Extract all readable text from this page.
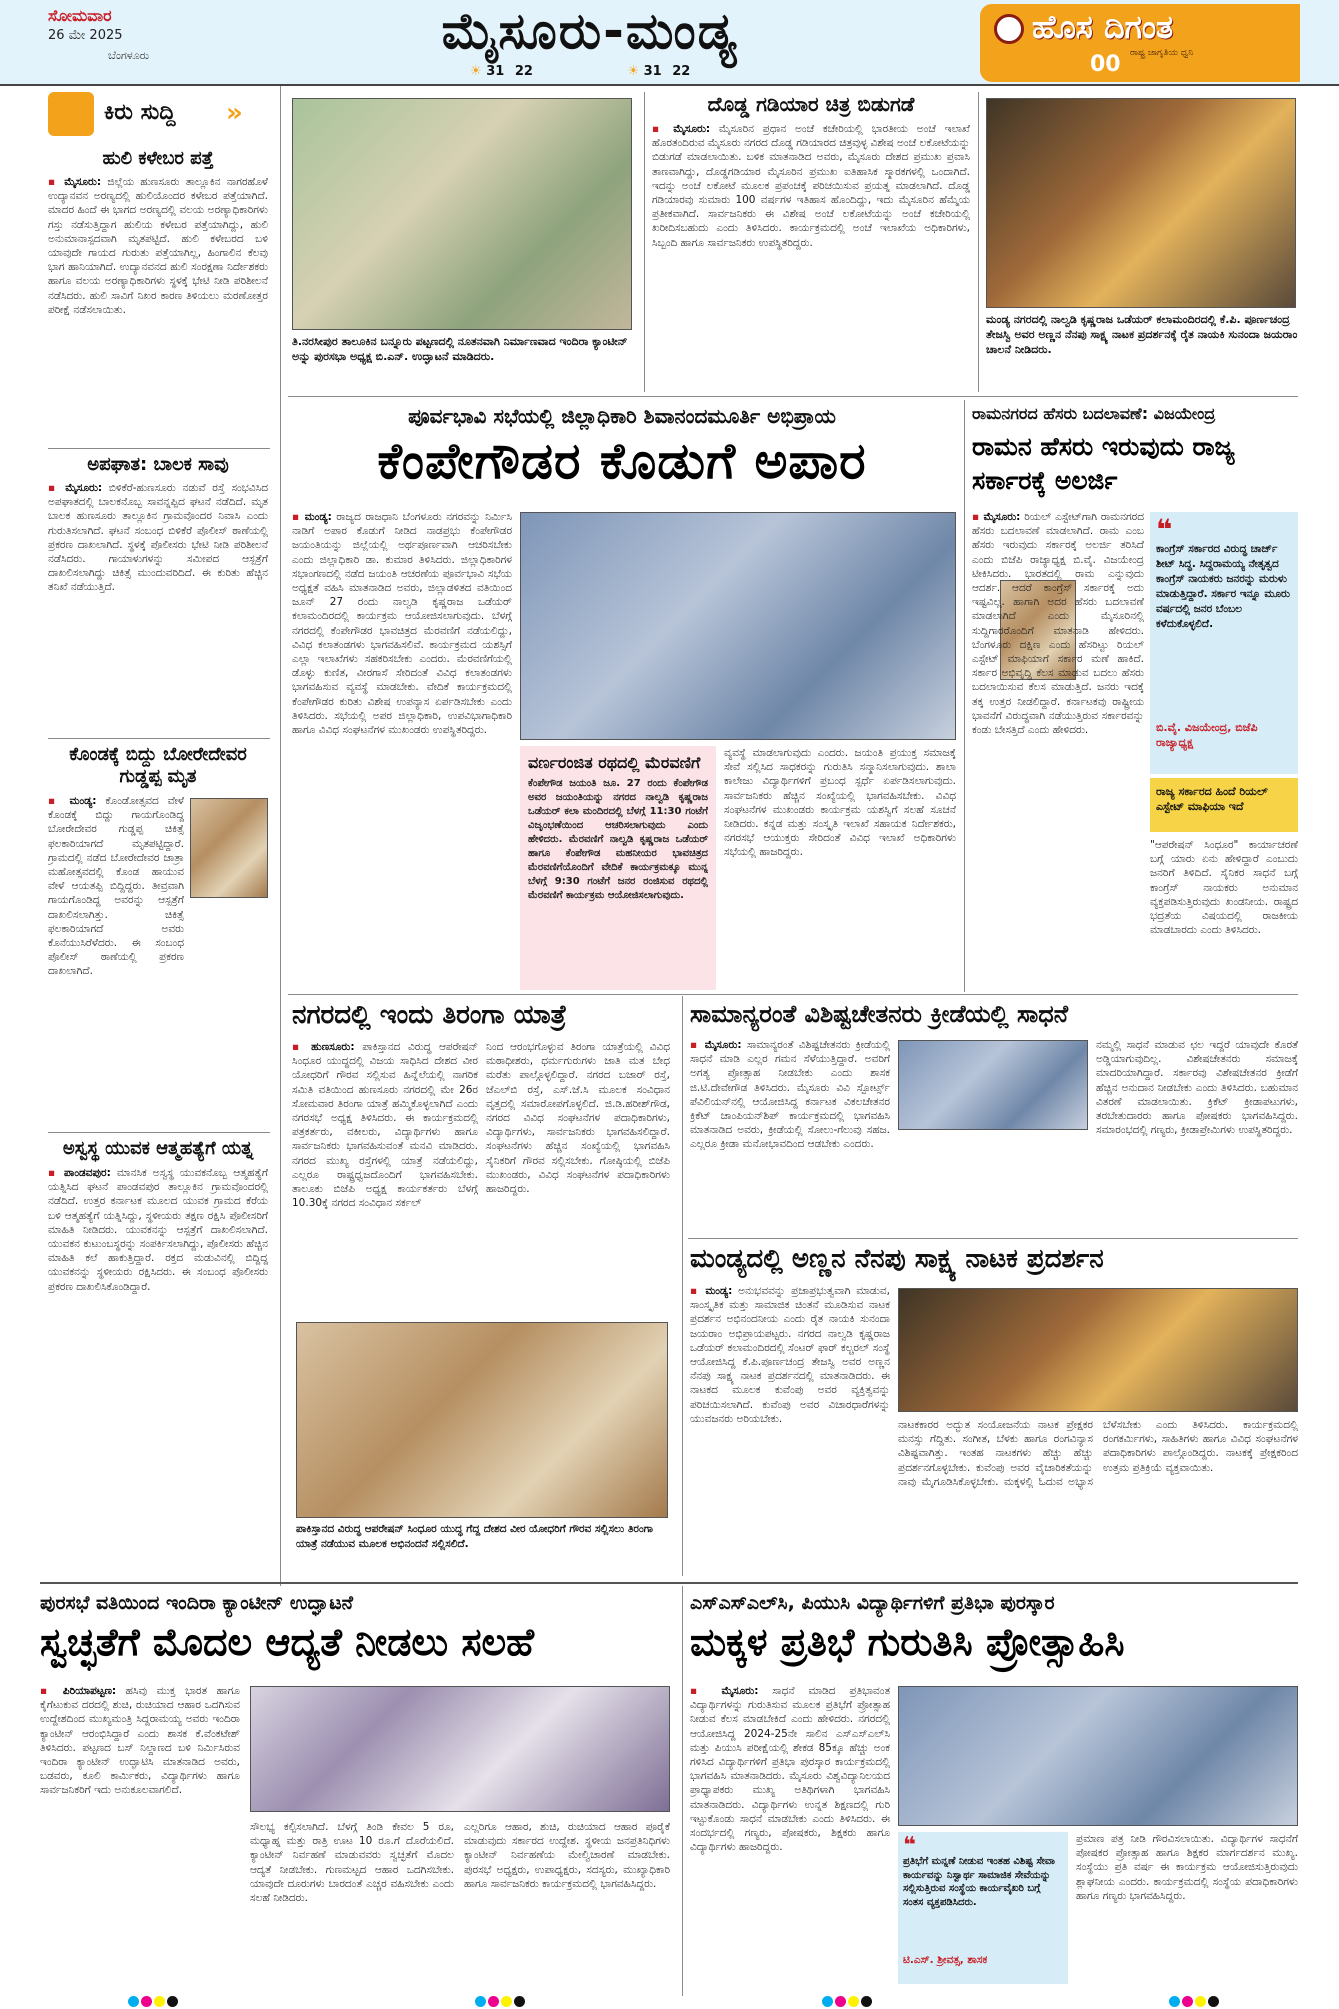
ಸೋಮವಾರ
26 ಮೇ 2025
ಬೆಂಗಳೂರು	ಮೈಸೂರು-ಮಂಡ್ಯ
☀ 31 22	☀ 31 22
ಹೊಸ ದಿಗಂತ
ರಾಷ್ಟ್ರ ಜಾಗೃತಿಯ ಧ್ವನಿ
00
ಕಿರು ಸುದ್ದಿ »
ಹುಲಿ ಕಳೇಬರ ಪತ್ತೆ
▪ ಮೈಸೂರು: ಜಿಲ್ಲೆಯ ಹುಣಸೂರು ತಾಲ್ಲೂಕಿನ ನಾಗರಹೊಳೆ ಉದ್ಯಾನವನ ಅರಣ್ಯದಲ್ಲಿ ಹುಲಿಯೊಂದರ ಕಳೇಬರ ಪತ್ತೆಯಾಗಿದೆ. ಮಾದರ ಹಿಂದೆ ಈ ಭಾಗದ ಅರಣ್ಯದಲ್ಲಿ ವಲಯ ಅರಣ್ಯಾಧಿಕಾರಿಗಳು ಗಸ್ತು ನಡೆಸುತ್ತಿದ್ದಾಗ ಹುಲಿಯ ಕಳೇಬರ ಪತ್ತೆಯಾಗಿದ್ದು, ಹುಲಿ ಅನುಮಾನಾಸ್ಪದವಾಗಿ ಮೃತಪಟ್ಟಿದೆ. ಹುಲಿ ಕಳೇಬರದ ಬಳಿ ಯಾವುದೇ ಗಾಯದ ಗುರುತು ಪತ್ತೆಯಾಗಿಲ್ಲ, ಹಿಂಗಾಲಿನ ಕೆಲವು ಭಾಗ ಹಾನಿಯಾಗಿದೆ. ಉದ್ಯಾನವನದ ಹುಲಿ ಸಂರಕ್ಷಣಾ ನಿರ್ದೇಶಕರು ಹಾಗೂ ವಲಯ ಅರಣ್ಯಾಧಿಕಾರಿಗಳು ಸ್ಥಳಕ್ಕೆ ಭೇಟಿ ನೀಡಿ ಪರಿಶೀಲನೆ ನಡೆಸಿದರು. ಹುಲಿ ಸಾವಿಗೆ ನಿಖರ ಕಾರಣ ತಿಳಿಯಲು ಮರಣೋತ್ತರ ಪರೀಕ್ಷೆ ನಡೆಸಲಾಯಿತು.
ಅಪಘಾತ: ಬಾಲಕ ಸಾವು
▪ ಮೈಸೂರು: ಬಿಳಿಕೆರೆ-ಹುಣಸೂರು ನಡುವೆ ರಸ್ತೆ ಸಂಭವಿಸಿದ ಅಪಘಾತದಲ್ಲಿ ಬಾಲಕನೊಬ್ಬ ಸಾವನ್ನಪ್ಪಿದ ಘಟನೆ ನಡೆದಿದೆ. ಮೃತ ಬಾಲಕ ಹುಣಸೂರು ತಾಲ್ಲೂಕಿನ ಗ್ರಾಮವೊಂದರ ನಿವಾಸಿ ಎಂದು ಗುರುತಿಸಲಾಗಿದೆ. ಘಟನೆ ಸಂಬಂಧ ಬಿಳಿಕೆರೆ ಪೊಲೀಸ್ ಠಾಣೆಯಲ್ಲಿ ಪ್ರಕರಣ ದಾಖಲಾಗಿದೆ. ಸ್ಥಳಕ್ಕೆ ಪೊಲೀಸರು ಭೇಟಿ ನೀಡಿ ಪರಿಶೀಲನೆ ನಡೆಸಿದರು. ಗಾಯಾಳುಗಳನ್ನು ಸಮೀಪದ ಆಸ್ಪತ್ರೆಗೆ ದಾಖಲಿಸಲಾಗಿದ್ದು ಚಿಕಿತ್ಸೆ ಮುಂದುವರಿದಿದೆ. ಈ ಕುರಿತು ಹೆಚ್ಚಿನ ತನಿಖೆ ನಡೆಯುತ್ತಿದೆ.
ಕೊಂಡಕ್ಕೆ ಬಿದ್ದು ಬೋರೇದೇವರ ಗುಡ್ಡಪ್ಪ ಮೃತ
▪ ಮಂಡ್ಯ: ಕೊಂಡೋತ್ಸವದ ವೇಳೆ ಕೊಂಡಕ್ಕೆ ಬಿದ್ದು ಗಾಯಗೊಂಡಿದ್ದ ಬೋರೇದೇವರ ಗುಡ್ಡಪ್ಪ ಚಿಕಿತ್ಸೆ ಫಲಕಾರಿಯಾಗದೆ ಮೃತಪಟ್ಟಿದ್ದಾರೆ. ಗ್ರಾಮದಲ್ಲಿ ನಡೆದ ಬೋರೇದೇವರ ಜಾತ್ರಾ ಮಹೋತ್ಸವದಲ್ಲಿ ಕೊಂಡ ಹಾಯುವ ವೇಳೆ ಆಯತಪ್ಪಿ ಬಿದ್ದಿದ್ದರು. ತೀವ್ರವಾಗಿ ಗಾಯಗೊಂಡಿದ್ದ ಅವರನ್ನು ಆಸ್ಪತ್ರೆಗೆ ದಾಖಲಿಸಲಾಗಿತ್ತು. ಚಿಕಿತ್ಸೆ ಫಲಕಾರಿಯಾಗದೆ ಅವರು ಕೊನೆಯುಸಿರೆಳೆದರು. ಈ ಸಂಬಂಧ ಪೊಲೀಸ್ ಠಾಣೆಯಲ್ಲಿ ಪ್ರಕರಣ ದಾಖಲಾಗಿದೆ.
ಅಸ್ವಸ್ಥ ಯುವಕ ಆತ್ಮಹತ್ಯೆಗೆ ಯತ್ನ
▪ ಪಾಂಡವಪುರ: ಮಾನಸಿಕ ಅಸ್ವಸ್ಥ ಯುವಕನೊಬ್ಬ ಆತ್ಮಹತ್ಯೆಗೆ ಯತ್ನಿಸಿದ ಘಟನೆ ಪಾಂಡವಪುರ ತಾಲ್ಲೂಕಿನ ಗ್ರಾಮವೊಂದರಲ್ಲಿ ನಡೆದಿದೆ. ಉತ್ತರ ಕರ್ನಾಟಕ ಮೂಲದ ಯುವಕ ಗ್ರಾಮದ ಕೆರೆಯ ಬಳಿ ಆತ್ಮಹತ್ಯೆಗೆ ಯತ್ನಿಸಿದ್ದು, ಸ್ಥಳೀಯರು ತಕ್ಷಣ ರಕ್ಷಿಸಿ ಪೊಲೀಸರಿಗೆ ಮಾಹಿತಿ ನೀಡಿದರು. ಯುವಕನನ್ನು ಆಸ್ಪತ್ರೆಗೆ ದಾಖಲಿಸಲಾಗಿದೆ. ಯುವಕನ ಕುಟುಂಬಸ್ಥರನ್ನು ಸಂಪರ್ಕಿಸಲಾಗಿದ್ದು, ಪೊಲೀಸರು ಹೆಚ್ಚಿನ ಮಾಹಿತಿ ಕಲೆ ಹಾಕುತ್ತಿದ್ದಾರೆ. ರಕ್ತದ ಮಡುವಿನಲ್ಲಿ ಬಿದ್ದಿದ್ದ ಯುವಕನನ್ನು ಸ್ಥಳೀಯರು ರಕ್ಷಿಸಿದರು. ಈ ಸಂಬಂಧ ಪೊಲೀಸರು ಪ್ರಕರಣ ದಾಖಲಿಸಿಕೊಂಡಿದ್ದಾರೆ.
ತಿ.ನರಸೀಪುರ ತಾಲೂಕಿನ ಬನ್ನೂರು ಪಟ್ಟಣದಲ್ಲಿ ನೂತನವಾಗಿ ನಿರ್ಮಾಣವಾದ ಇಂದಿರಾ ಕ್ಯಾಂಟೀನ್ ಅನ್ನು ಪುರಸಭಾ ಅಧ್ಯಕ್ಷ ಬಿ.ಎನ್. ಉದ್ಘಾಟನೆ ಮಾಡಿದರು.
ದೊಡ್ಡ ಗಡಿಯಾರ ಚಿತ್ರ ಬಿಡುಗಡೆ
▪ ಮೈಸೂರು: ಮೈಸೂರಿನ ಪ್ರಧಾನ ಅಂಚೆ ಕಚೇರಿಯಲ್ಲಿ ಭಾರತೀಯ ಅಂಚೆ ಇಲಾಖೆ ಹೊರತಂದಿರುವ ಮೈಸೂರು ನಗರದ ದೊಡ್ಡ ಗಡಿಯಾರದ ಚಿತ್ರವುಳ್ಳ ವಿಶೇಷ ಅಂಚೆ ಲಕೋಟೆಯನ್ನು ಬಿಡುಗಡೆ ಮಾಡಲಾಯಿತು. ಬಳಿಕ ಮಾತನಾಡಿದ ಅವರು, ಮೈಸೂರು ದೇಶದ ಪ್ರಮುಖ ಪ್ರವಾಸಿ ತಾಣವಾಗಿದ್ದು, ದೊಡ್ಡಗಡಿಯಾರ ಮೈಸೂರಿನ ಪ್ರಮುಖ ಐತಿಹಾಸಿಕ ಸ್ಮಾರಕಗಳಲ್ಲಿ ಒಂದಾಗಿದೆ. ಇದನ್ನು ಅಂಚೆ ಲಕೋಟೆ ಮೂಲಕ ಪ್ರಪಂಚಕ್ಕೆ ಪರಿಚಯಿಸುವ ಪ್ರಯತ್ನ ಮಾಡಲಾಗಿದೆ. ದೊಡ್ಡ ಗಡಿಯಾರವು ಸುಮಾರು 100 ವರ್ಷಗಳ ಇತಿಹಾಸ ಹೊಂದಿದ್ದು, ಇದು ಮೈಸೂರಿನ ಹೆಮ್ಮೆಯ ಪ್ರತೀಕವಾಗಿದೆ. ಸಾರ್ವಜನಿಕರು ಈ ವಿಶೇಷ ಅಂಚೆ ಲಕೋಟೆಯನ್ನು ಅಂಚೆ ಕಚೇರಿಯಲ್ಲಿ ಖರೀದಿಸಬಹುದು ಎಂದು ತಿಳಿಸಿದರು. ಕಾರ್ಯಕ್ರಮದಲ್ಲಿ ಅಂಚೆ ಇಲಾಖೆಯ ಅಧಿಕಾರಿಗಳು, ಸಿಬ್ಬಂದಿ ಹಾಗೂ ಸಾರ್ವಜನಿಕರು ಉಪಸ್ಥಿತರಿದ್ದರು.
ಮಂಡ್ಯ ನಗರದಲ್ಲಿ ನಾಲ್ವಡಿ ಕೃಷ್ಣರಾಜ ಒಡೆಯರ್ ಕಲಾಮಂದಿರದಲ್ಲಿ ಕೆ.ಪಿ. ಪೂರ್ಣಚಂದ್ರ ತೇಜಸ್ವಿ ಅವರ ಅಣ್ಣನ ನೆನಪು ಸಾಕ್ಷ್ಯ ನಾಟಕ ಪ್ರದರ್ಶನಕ್ಕೆ ರೈತ ನಾಯಕಿ ಸುನಂದಾ ಜಯರಾಂ ಚಾಲನೆ ನೀಡಿದರು.
ಪೂರ್ವಭಾವಿ ಸಭೆಯಲ್ಲಿ ಜಿಲ್ಲಾಧಿಕಾರಿ ಶಿವಾನಂದಮೂರ್ತಿ ಅಭಿಪ್ರಾಯ
ಕೆಂಪೇಗೌಡರ ಕೊಡುಗೆ ಅಪಾರ
▪ ಮಂಡ್ಯ: ರಾಜ್ಯದ ರಾಜಧಾನಿ ಬೆಂಗಳೂರು ನಗರವನ್ನು ನಿರ್ಮಿಸಿ ನಾಡಿಗೆ ಅಪಾರ ಕೊಡುಗೆ ನೀಡಿದ ನಾಡಪ್ರಭು ಕೆಂಪೇಗೌಡರ ಜಯಂತಿಯನ್ನು ಜಿಲ್ಲೆಯಲ್ಲಿ ಅರ್ಥಪೂರ್ಣವಾಗಿ ಆಚರಿಸಬೇಕು ಎಂದು ಜಿಲ್ಲಾಧಿಕಾರಿ ಡಾ. ಕುಮಾರ ತಿಳಿಸಿದರು. ಜಿಲ್ಲಾಧಿಕಾರಿಗಳ ಸಭಾಂಗಣದಲ್ಲಿ ನಡೆದ ಜಯಂತಿ ಆಚರಣೆಯ ಪೂರ್ವಭಾವಿ ಸಭೆಯ ಅಧ್ಯಕ್ಷತೆ ವಹಿಸಿ ಮಾತನಾಡಿದ ಅವರು, ಜಿಲ್ಲಾಡಳಿತದ ವತಿಯಿಂದ ಜೂನ್ 27 ರಂದು ನಾಲ್ವಡಿ ಕೃಷ್ಣರಾಜ ಒಡೆಯರ್ ಕಲಾಮಂದಿರದಲ್ಲಿ ಕಾರ್ಯಕ್ರಮ ಆಯೋಜಿಸಲಾಗುವುದು. ಬೆಳಗ್ಗೆ ನಗರದಲ್ಲಿ ಕೆಂಪೇಗೌಡರ ಭಾವಚಿತ್ರದ ಮೆರವಣಿಗೆ ನಡೆಯಲಿದ್ದು, ವಿವಿಧ ಕಲಾತಂಡಗಳು ಭಾಗವಹಿಸಲಿವೆ. ಕಾರ್ಯಕ್ರಮದ ಯಶಸ್ಸಿಗೆ ಎಲ್ಲಾ ಇಲಾಖೆಗಳು ಸಹಕರಿಸಬೇಕು ಎಂದರು. ಮೆರವಣಿಗೆಯಲ್ಲಿ ಡೊಳ್ಳು ಕುಣಿತ, ವೀರಗಾಸೆ ಸೇರಿದಂತೆ ವಿವಿಧ ಕಲಾತಂಡಗಳು ಭಾಗವಹಿಸುವ ವ್ಯವಸ್ಥೆ ಮಾಡಬೇಕು. ವೇದಿಕೆ ಕಾರ್ಯಕ್ರಮದಲ್ಲಿ ಕೆಂಪೇಗೌಡರ ಕುರಿತು ವಿಶೇಷ ಉಪನ್ಯಾಸ ಏರ್ಪಡಿಸಬೇಕು ಎಂದು ತಿಳಿಸಿದರು. ಸಭೆಯಲ್ಲಿ ಅಪರ ಜಿಲ್ಲಾಧಿಕಾರಿ, ಉಪವಿಭಾಗಾಧಿಕಾರಿ ಹಾಗೂ ವಿವಿಧ ಸಂಘಟನೆಗಳ ಮುಖಂಡರು ಉಪಸ್ಥಿತರಿದ್ದರು.
ವರ್ಣರಂಜಿತ ರಥದಲ್ಲಿ ಮೆರವಣಿಗೆ
ಕೆಂಪೇಗೌಡ ಜಯಂತಿ ಜೂ. 27 ರಂದು ಕೆಂಪೇಗೌಡ ಅವರ ಜಯಂತಿಯನ್ನು ನಗರದ ನಾಲ್ವಡಿ ಕೃಷ್ಣರಾಜ ಒಡೆಯರ್ ಕಲಾ ಮಂದಿರದಲ್ಲಿ ಬೆಳಗ್ಗೆ 11:30 ಗಂಟೆಗೆ ವಿಜೃಂಭಣೆಯಿಂದ ಆಚರಿಸಲಾಗುವುದು ಎಂದು ಹೇಳಿದರು. ಮೆರವಣಿಗೆ ನಾಲ್ವಡಿ ಕೃಷ್ಣರಾಜ ಒಡೆಯರ್ ಹಾಗೂ ಕೆಂಪೇಗೌಡ ಮಹನೀಯರ ಭಾವಚಿತ್ರದ ಮೆರವಣಿಗೆಯೊಂದಿಗೆ ವೇದಿಕೆ ಕಾರ್ಯಕ್ರಮಕ್ಕೂ ಮುನ್ನ ಬೆಳಗ್ಗೆ 9:30 ಗಂಟೆಗೆ ಜನರ ರಂಜಿಸುವ ರಥದಲ್ಲಿ ಮೆರವಣಿಗೆ ಕಾರ್ಯಕ್ರಮ ಆಯೋಜಿಸಲಾಗುವುದು.
ವ್ಯವಸ್ಥೆ ಮಾಡಲಾಗುವುದು ಎಂದರು. ಜಯಂತಿ ಪ್ರಯುಕ್ತ ಸಮಾಜಕ್ಕೆ ಸೇವೆ ಸಲ್ಲಿಸಿದ ಸಾಧಕರನ್ನು ಗುರುತಿಸಿ ಸನ್ಮಾನಿಸಲಾಗುವುದು. ಶಾಲಾ ಕಾಲೇಜು ವಿದ್ಯಾರ್ಥಿಗಳಿಗೆ ಪ್ರಬಂಧ ಸ್ಪರ್ಧೆ ಏರ್ಪಡಿಸಲಾಗುವುದು. ಸಾರ್ವಜನಿಕರು ಹೆಚ್ಚಿನ ಸಂಖ್ಯೆಯಲ್ಲಿ ಭಾಗವಹಿಸಬೇಕು. ವಿವಿಧ ಸಂಘಟನೆಗಳ ಮುಖಂಡರು ಕಾರ್ಯಕ್ರಮ ಯಶಸ್ವಿಗೆ ಸಲಹೆ ಸೂಚನೆ ನೀಡಿದರು. ಕನ್ನಡ ಮತ್ತು ಸಂಸ್ಕೃತಿ ಇಲಾಖೆ ಸಹಾಯಕ ನಿರ್ದೇಶಕರು, ನಗರಸಭೆ ಆಯುಕ್ತರು ಸೇರಿದಂತೆ ವಿವಿಧ ಇಲಾಖೆ ಅಧಿಕಾರಿಗಳು ಸಭೆಯಲ್ಲಿ ಹಾಜರಿದ್ದರು.
ರಾಮನಗರದ ಹೆಸರು ಬದಲಾವಣೆ: ವಿಜಯೇಂದ್ರ
ರಾಮನ ಹೆಸರು ಇರುವುದು ರಾಜ್ಯ ಸರ್ಕಾರಕ್ಕೆ ಅಲರ್ಜಿ
▪ ಮೈಸೂರು: ರಿಯಲ್ ಎಸ್ಟೇಟ್‌ಗಾಗಿ ರಾಮನಗರದ ಹೆಸರು ಬದಲಾವಣೆ ಮಾಡಲಾಗಿದೆ. ರಾಮ ಎಂಬ ಹೆಸರು ಇರುವುದು ಸರ್ಕಾರಕ್ಕೆ ಅಲರ್ಜಿ ತರಿಸಿದೆ ಎಂದು ಬಿಜೆಪಿ ರಾಜ್ಯಾಧ್ಯಕ್ಷ ಬಿ.ವೈ. ವಿಜಯೇಂದ್ರ ಟೀಕಿಸಿದರು. ಭಾರತದಲ್ಲಿ ರಾಮ ಎನ್ನುವುದು ಆದರ್ಶ. ಆದರೆ ಕಾಂಗ್ರೆಸ್ ಸರ್ಕಾರಕ್ಕೆ ಅದು ಇಷ್ಟವಿಲ್ಲ. ಹಾಗಾಗಿ ಅದರ ಹೆಸರು ಬದಲಾವಣೆ ಮಾಡಲಾಗಿದೆ ಎಂದು ಮೈಸೂರಿನಲ್ಲಿ ಸುದ್ದಿಗಾರರೊಂದಿಗೆ ಮಾತನಾಡಿ ಹೇಳಿದರು. ಬೆಂಗಳೂರು ದಕ್ಷಿಣ ಎಂದು ಹೆಸರಿಟ್ಟು ರಿಯಲ್ ಎಸ್ಟೇಟ್ ಮಾಫಿಯಾಗೆ ಸರ್ಕಾರ ಮಣೆ ಹಾಕಿದೆ. ಸರ್ಕಾರ ಅಭಿವೃದ್ಧಿ ಕೆಲಸ ಮಾಡುವ ಬದಲು ಹೆಸರು ಬದಲಾಯಿಸುವ ಕೆಲಸ ಮಾಡುತ್ತಿದೆ. ಜನರು ಇದಕ್ಕೆ ತಕ್ಕ ಉತ್ತರ ನೀಡಲಿದ್ದಾರೆ. ಕರ್ನಾಟಕವು ರಾಷ್ಟ್ರೀಯ ಭಾವನೆಗೆ ವಿರುದ್ಧವಾಗಿ ನಡೆಯುತ್ತಿರುವ ಸರ್ಕಾರವನ್ನು ಕಂಡು ಬೇಸತ್ತಿದೆ ಎಂದು ಹೇಳಿದರು.
❝
ಕಾಂಗ್ರೆಸ್ ಸರ್ಕಾರದ ವಿರುದ್ಧ ಚಾರ್ಜ್ ಶೀಟ್ ಸಿದ್ಧ. ಸಿದ್ದರಾಮಯ್ಯ ನೇತೃತ್ವದ ಕಾಂಗ್ರೆಸ್ ನಾಯಕರು ಜನರನ್ನು ಮರುಳು ಮಾಡುತ್ತಿದ್ದಾರೆ. ಸರ್ಕಾರ ಇನ್ನೂ ಮೂರು ವರ್ಷದಲ್ಲಿ ಜನರ ಬೆಂಬಲ ಕಳೆದುಕೊಳ್ಳಲಿದೆ.
ಬಿ.ವೈ. ವಿಜಯೇಂದ್ರ, ಬಿಜೆಪಿ ರಾಜ್ಯಾಧ್ಯಕ್ಷ
ರಾಜ್ಯ ಸರ್ಕಾರದ ಹಿಂದೆ ರಿಯಲ್ ಎಸ್ಟೇಟ್ ಮಾಫಿಯಾ ಇದೆ
"ಆಪರೇಷನ್ ಸಿಂಧೂರ" ಕಾರ್ಯಾಚರಣೆ ಬಗ್ಗೆ ಯಾರು ಏನು ಹೇಳಿದ್ದಾರೆ ಎಂಬುದು ಜನರಿಗೆ ತಿಳಿದಿದೆ. ಸೈನಿಕರ ಸಾಧನೆ ಬಗ್ಗೆ ಕಾಂಗ್ರೆಸ್ ನಾಯಕರು ಅನುಮಾನ ವ್ಯಕ್ತಪಡಿಸುತ್ತಿರುವುದು ಖಂಡನೀಯ. ರಾಷ್ಟ್ರದ ಭದ್ರತೆಯ ವಿಷಯದಲ್ಲಿ ರಾಜಕೀಯ ಮಾಡಬಾರದು ಎಂದು ತಿಳಿಸಿದರು.
ನಗರದಲ್ಲಿ ಇಂದು ತಿರಂಗಾ ಯಾತ್ರೆ
▪ ಹುಣಸೂರು: ಪಾಕಿಸ್ತಾನದ ವಿರುದ್ಧ ಆಪರೇಷನ್ ಸಿಂಧೂರ ಯುದ್ಧದಲ್ಲಿ ವಿಜಯ ಸಾಧಿಸಿದ ದೇಶದ ವೀರ ಯೋಧರಿಗೆ ಗೌರವ ಸಲ್ಲಿಸುವ ಹಿನ್ನೆಲೆಯಲ್ಲಿ ನಾಗರಿಕ ಸಮಿತಿ ವತಿಯಿಂದ ಹುಣಸೂರು ನಗರದಲ್ಲಿ ಮೇ 26ರ ಸೋಮವಾರ ತಿರಂಗಾ ಯಾತ್ರೆ ಹಮ್ಮಿಕೊಳ್ಳಲಾಗಿದೆ ಎಂದು ನಗರಸಭೆ ಅಧ್ಯಕ್ಷ ತಿಳಿಸಿದರು. ಈ ಕಾರ್ಯಕ್ರಮದಲ್ಲಿ ಪತ್ರಕರ್ತರು, ವಕೀಲರು, ವಿದ್ಯಾರ್ಥಿಗಳು ಹಾಗೂ ಸಾರ್ವಜನಿಕರು ಭಾಗವಹಿಸುವಂತೆ ಮನವಿ ಮಾಡಿದರು. ನಗರದ ಮುಖ್ಯ ರಸ್ತೆಗಳಲ್ಲಿ ಯಾತ್ರೆ ನಡೆಯಲಿದ್ದು, ಎಲ್ಲರೂ ರಾಷ್ಟ್ರಧ್ವಜದೊಂದಿಗೆ ಭಾಗವಹಿಸಬೇಕು. ತಾಲೂಕು ಬಿಜೆಪಿ ಅಧ್ಯಕ್ಷ ಕಾರ್ಯಕರ್ತರು ಬೆಳಗ್ಗೆ 10.30ಕ್ಕೆ ನಗರದ ಸಂವಿಧಾನ ಸರ್ಕಲ್
ನಿಂದ ಆರಂಭಗೊಳ್ಳುವ ತಿರಂಗಾ ಯಾತ್ರೆಯಲ್ಲಿ ವಿವಿಧ ಮಠಾಧೀಶರು, ಧರ್ಮಗುರುಗಳು ಜಾತಿ ಮತ ಬೇಧ ಮರೆತು ಪಾಲ್ಗೊಳ್ಳಲಿದ್ದಾರೆ. ನಗರದ ಬಜಾರ್ ರಸ್ತೆ, ಜೆಎಲ್‌ಬಿ ರಸ್ತೆ, ಎಸ್.ಜೆ.ಸಿ ಮೂಲಕ ಸಂವಿಧಾನ ವೃತ್ತದಲ್ಲಿ ಸಮಾರೋಪಗೊಳ್ಳಲಿದೆ. ಜಿ.ಡಿ.ಹರೀಶ್‌ಗೌಡ, ನಗರದ ವಿವಿಧ ಸಂಘಟನೆಗಳ ಪದಾಧಿಕಾರಿಗಳು, ವಿದ್ಯಾರ್ಥಿಗಳು, ಸಾರ್ವಜನಿಕರು ಭಾಗವಹಿಸಲಿದ್ದಾರೆ. ಸಂಘಟನೆಗಳು ಹೆಚ್ಚಿನ ಸಂಖ್ಯೆಯಲ್ಲಿ ಭಾಗವಹಿಸಿ ಸೈನಿಕರಿಗೆ ಗೌರವ ಸಲ್ಲಿಸಬೇಕು. ಗೋಷ್ಠಿಯಲ್ಲಿ ಬಿಜೆಪಿ ಮುಖಂಡರು, ವಿವಿಧ ಸಂಘಟನೆಗಳ ಪದಾಧಿಕಾರಿಗಳು ಹಾಜರಿದ್ದರು.
ಪಾಕಿಸ್ತಾನದ ವಿರುದ್ಧ ಆಪರೇಷನ್ ಸಿಂಧೂರ ಯುದ್ಧ ಗೆದ್ದ ದೇಶದ ವೀರ ಯೋಧರಿಗೆ ಗೌರವ ಸಲ್ಲಿಸಲು ತಿರಂಗಾ ಯಾತ್ರೆ ನಡೆಯುವ ಮೂಲಕ ಅಭಿನಂದನೆ ಸಲ್ಲಿಸಲಿದೆ.
ಸಾಮಾನ್ಯರಂತೆ ವಿಶಿಷ್ಟಚೇತನರು ಕ್ರೀಡೆಯಲ್ಲಿ ಸಾಧನೆ
▪ ಮೈಸೂರು: ಸಾಮಾನ್ಯರಂತೆ ವಿಶಿಷ್ಟಚೇತನರು ಕ್ರೀಡೆಯಲ್ಲಿ ಸಾಧನೆ ಮಾಡಿ ಎಲ್ಲರ ಗಮನ ಸೆಳೆಯುತ್ತಿದ್ದಾರೆ. ಅವರಿಗೆ ಅಗತ್ಯ ಪ್ರೋತ್ಸಾಹ ನೀಡಬೇಕು ಎಂದು ಶಾಸಕ ಜಿ.ಟಿ.ದೇವೇಗೌಡ ತಿಳಿಸಿದರು. ಮೈಸೂರು ವಿವಿ ಸ್ಪೋರ್ಟ್ಸ್ ಪೆವಿಲಿಯನ್‌ನಲ್ಲಿ ಆಯೋಜಿಸಿದ್ದ ಕರ್ನಾಟಕ ವಿಕಲಚೇತನರ ಕ್ರಿಕೆಟ್ ಚಾಂಪಿಯನ್‌ಶಿಪ್ ಕಾರ್ಯಕ್ರಮದಲ್ಲಿ ಭಾಗವಹಿಸಿ ಮಾತನಾಡಿದ ಅವರು, ಕ್ರೀಡೆಯಲ್ಲಿ ಸೋಲು-ಗೆಲುವು ಸಹಜ. ಎಲ್ಲರೂ ಕ್ರೀಡಾ ಮನೋಭಾವದಿಂದ ಆಡಬೇಕು ಎಂದರು.
ನಮ್ಮಲ್ಲಿ ಸಾಧನೆ ಮಾಡುವ ಛಲ ಇದ್ದರೆ ಯಾವುದೇ ಕೊರತೆ ಅಡ್ಡಿಯಾಗುವುದಿಲ್ಲ. ವಿಶೇಷಚೇತನರು ಸಮಾಜಕ್ಕೆ ಮಾದರಿಯಾಗಿದ್ದಾರೆ. ಸರ್ಕಾರವು ವಿಶೇಷಚೇತನರ ಕ್ರೀಡೆಗೆ ಹೆಚ್ಚಿನ ಅನುದಾನ ನೀಡಬೇಕು ಎಂದು ತಿಳಿಸಿದರು. ಬಹುಮಾನ ವಿತರಣೆ ಮಾಡಲಾಯಿತು. ಕ್ರಿಕೆಟ್ ಕ್ರೀಡಾಪಟುಗಳು, ತರಬೇತುದಾರರು ಹಾಗೂ ಪೋಷಕರು ಭಾಗವಹಿಸಿದ್ದರು. ಸಮಾರಂಭದಲ್ಲಿ ಗಣ್ಯರು, ಕ್ರೀಡಾಪ್ರೇಮಿಗಳು ಉಪಸ್ಥಿತರಿದ್ದರು.
ಮಂಡ್ಯದಲ್ಲಿ ಅಣ್ಣನ ನೆನಪು ಸಾಕ್ಷ್ಯ ನಾಟಕ ಪ್ರದರ್ಶನ
▪ ಮಂಡ್ಯ: ಅನುಭವವನ್ನು ಪ್ರಜಾಪ್ರಭುತ್ವವಾಗಿ ಮಾಡುವ, ಸಾಂಸ್ಕೃತಿಕ ಮತ್ತು ಸಾಮಾಜಿಕ ಚಿಂತನೆ ಮೂಡಿಸುವ ನಾಟಕ ಪ್ರದರ್ಶನ ಅಭಿನಂದನೀಯ ಎಂದು ರೈತ ನಾಯಕಿ ಸುನಂದಾ ಜಯರಾಂ ಅಭಿಪ್ರಾಯಪಟ್ಟರು. ನಗರದ ನಾಲ್ವಡಿ ಕೃಷ್ಣರಾಜ ಒಡೆಯರ್ ಕಲಾಮಂದಿರದಲ್ಲಿ ಸೆಂಟರ್ ಫಾರ್ ಕಲ್ಚರಲ್ ಸಂಸ್ಥೆ ಆಯೋಜಿಸಿದ್ದ ಕೆ.ಪಿ.ಪೂರ್ಣಚಂದ್ರ ತೇಜಸ್ವಿ ಅವರ ಅಣ್ಣನ ನೆನಪು ಸಾಕ್ಷ್ಯ ನಾಟಕ ಪ್ರದರ್ಶನದಲ್ಲಿ ಮಾತನಾಡಿದರು. ಈ ನಾಟಕದ ಮೂಲಕ ಕುವೆಂಪು ಅವರ ವ್ಯಕ್ತಿತ್ವವನ್ನು ಪರಿಚಯಿಸಲಾಗಿದೆ. ಕುವೆಂಪು ಅವರ ವಿಚಾರಧಾರೆಗಳನ್ನು ಯುವಜನರು ಅರಿಯಬೇಕು.
ನಾಟಕಕಾರರ ಅದ್ಭುತ ಸಂಯೋಜನೆಯ ನಾಟಕ ಪ್ರೇಕ್ಷಕರ ಮನಸ್ಸು ಗೆದ್ದಿತು. ಸಂಗೀತ, ಬೆಳಕು ಹಾಗೂ ರಂಗವಿನ್ಯಾಸ ವಿಶಿಷ್ಟವಾಗಿತ್ತು. ಇಂತಹ ನಾಟಕಗಳು ಹೆಚ್ಚು ಹೆಚ್ಚು ಪ್ರದರ್ಶನಗೊಳ್ಳಬೇಕು. ಕುವೆಂಪು ಅವರ ವೈಚಾರಿಕತೆಯನ್ನು ನಾವು ಮೈಗೂಡಿಸಿಕೊಳ್ಳಬೇಕು. ಮಕ್ಕಳಲ್ಲಿ ಓದುವ ಅಭ್ಯಾಸ ಬೆಳೆಸಬೇಕು ಎಂದು ತಿಳಿಸಿದರು. ಕಾರ್ಯಕ್ರಮದಲ್ಲಿ ರಂಗಕರ್ಮಿಗಳು, ಸಾಹಿತಿಗಳು ಹಾಗೂ ವಿವಿಧ ಸಂಘಟನೆಗಳ ಪದಾಧಿಕಾರಿಗಳು ಪಾಲ್ಗೊಂಡಿದ್ದರು. ನಾಟಕಕ್ಕೆ ಪ್ರೇಕ್ಷಕರಿಂದ ಉತ್ತಮ ಪ್ರತಿಕ್ರಿಯೆ ವ್ಯಕ್ತವಾಯಿತು.
ಪುರಸಭೆ ವತಿಯಿಂದ ಇಂದಿರಾ ಕ್ಯಾಂಟೀನ್ ಉದ್ಘಾಟನೆ
ಸ್ವಚ್ಛತೆಗೆ ಮೊದಲ ಆದ್ಯತೆ ನೀಡಲು ಸಲಹೆ
▪ ಪಿರಿಯಾಪಟ್ಟಣ: ಹಸಿವು ಮುಕ್ತ ಭಾರತ ಹಾಗೂ ಕೈಗೆಟುಕುವ ದರದಲ್ಲಿ ಶುಚಿ, ರುಚಿಯಾದ ಆಹಾರ ಒದಗಿಸುವ ಉದ್ದೇಶದಿಂದ ಮುಖ್ಯಮಂತ್ರಿ ಸಿದ್ದರಾಮಯ್ಯ ಅವರು ಇಂದಿರಾ ಕ್ಯಾಂಟೀನ್ ಆರಂಭಿಸಿದ್ದಾರೆ ಎಂದು ಶಾಸಕ ಕೆ.ವೆಂಕಟೇಶ್ ತಿಳಿಸಿದರು. ಪಟ್ಟಣದ ಬಸ್ ನಿಲ್ದಾಣದ ಬಳಿ ನಿರ್ಮಿಸಿರುವ ಇಂದಿರಾ ಕ್ಯಾಂಟೀನ್ ಉದ್ಘಾಟಿಸಿ ಮಾತನಾಡಿದ ಅವರು, ಬಡವರು, ಕೂಲಿ ಕಾರ್ಮಿಕರು, ವಿದ್ಯಾರ್ಥಿಗಳು ಹಾಗೂ ಸಾರ್ವಜನಿಕರಿಗೆ ಇದು ಅನುಕೂಲವಾಗಲಿದೆ.
ಸೌಲಭ್ಯ ಕಲ್ಪಿಸಲಾಗಿದೆ. ಬೆಳಗ್ಗೆ ತಿಂಡಿ ಕೇವಲ 5 ರೂ, ಮಧ್ಯಾಹ್ನ ಮತ್ತು ರಾತ್ರಿ ಊಟ 10 ರೂ.ಗೆ ದೊರೆಯಲಿದೆ. ಕ್ಯಾಂಟೀನ್ ನಿರ್ವಹಣೆ ಮಾಡುವವರು ಸ್ವಚ್ಛತೆಗೆ ಮೊದಲ ಆದ್ಯತೆ ನೀಡಬೇಕು. ಗುಣಮಟ್ಟದ ಆಹಾರ ಒದಗಿಸಬೇಕು. ಯಾವುದೇ ದೂರುಗಳು ಬಾರದಂತೆ ಎಚ್ಚರ ವಹಿಸಬೇಕು ಎಂದು ಸಲಹೆ ನೀಡಿದರು.
ಎಲ್ಲರಿಗೂ ಆಹಾರ, ಶುಚಿ, ರುಚಿಯಾದ ಆಹಾರ ಪೂರೈಕೆ ಮಾಡುವುದು ಸರ್ಕಾರದ ಉದ್ದೇಶ. ಸ್ಥಳೀಯ ಜನಪ್ರತಿನಿಧಿಗಳು ಕ್ಯಾಂಟೀನ್ ನಿರ್ವಹಣೆಯ ಮೇಲ್ವಿಚಾರಣೆ ಮಾಡಬೇಕು. ಪುರಸಭೆ ಅಧ್ಯಕ್ಷರು, ಉಪಾಧ್ಯಕ್ಷರು, ಸದಸ್ಯರು, ಮುಖ್ಯಾಧಿಕಾರಿ ಹಾಗೂ ಸಾರ್ವಜನಿಕರು ಕಾರ್ಯಕ್ರಮದಲ್ಲಿ ಭಾಗವಹಿಸಿದ್ದರು.
ಎಸ್‌ಎಸ್‌ಎಲ್‌ಸಿ, ಪಿಯುಸಿ ವಿದ್ಯಾರ್ಥಿಗಳಿಗೆ ಪ್ರತಿಭಾ ಪುರಸ್ಕಾರ
ಮಕ್ಕಳ ಪ್ರತಿಭೆ ಗುರುತಿಸಿ ಪ್ರೋತ್ಸಾಹಿಸಿ
▪ ಮೈಸೂರು: ಸಾಧನೆ ಮಾಡಿದ ಪ್ರತಿಭಾವಂತ ವಿದ್ಯಾರ್ಥಿಗಳನ್ನು ಗುರುತಿಸುವ ಮೂಲಕ ಪ್ರತಿಭೆಗೆ ಪ್ರೋತ್ಸಾಹ ನೀಡುವ ಕೆಲಸ ಮಾಡಬೇಕಿದೆ ಎಂದು ಹೇಳಿದರು. ನಗರದಲ್ಲಿ ಆಯೋಜಿಸಿದ್ದ 2024-25ನೇ ಸಾಲಿನ ಎಸ್‌ಎಸ್‌ಎಲ್‌ಸಿ ಮತ್ತು ಪಿಯುಸಿ ಪರೀಕ್ಷೆಯಲ್ಲಿ ಶೇಕಡ 85ಕ್ಕೂ ಹೆಚ್ಚು ಅಂಕ ಗಳಿಸಿದ ವಿದ್ಯಾರ್ಥಿಗಳಿಗೆ ಪ್ರತಿಭಾ ಪುರಸ್ಕಾರ ಕಾರ್ಯಕ್ರಮದಲ್ಲಿ ಭಾಗವಹಿಸಿ ಮಾತನಾಡಿದರು. ಮೈಸೂರು ವಿಶ್ವವಿದ್ಯಾನಿಲಯದ ಪ್ರಾಧ್ಯಾಪಕರು ಮುಖ್ಯ ಅತಿಥಿಗಳಾಗಿ ಭಾಗವಹಿಸಿ ಮಾತನಾಡಿದರು. ವಿದ್ಯಾರ್ಥಿಗಳು ಉನ್ನತ ಶಿಕ್ಷಣದಲ್ಲಿ ಗುರಿ ಇಟ್ಟುಕೊಂಡು ಸಾಧನೆ ಮಾಡಬೇಕು ಎಂದು ತಿಳಿಸಿದರು. ಈ ಸಂದರ್ಭದಲ್ಲಿ ಗಣ್ಯರು, ಪೋಷಕರು, ಶಿಕ್ಷಕರು ಹಾಗೂ ವಿದ್ಯಾರ್ಥಿಗಳು ಹಾಜರಿದ್ದರು.	❝
ಪ್ರತಿಭೆಗೆ ಮನ್ನಣೆ ನೀಡುವ ಇಂತಹ ವಿಶಿಷ್ಟ ಸೇವಾ ಕಾರ್ಯವನ್ನು ನಿಸ್ವಾರ್ಥ ಸಾಮಾಜಿಕ ಸೇವೆಯನ್ನು ಸಲ್ಲಿಸುತ್ತಿರುವ ಸಂಸ್ಥೆಯ ಕಾರ್ಯವೈಖರಿ ಬಗ್ಗೆ ಸಂತಸ ವ್ಯಕ್ತಪಡಿಸಿದರು.
ಟಿ.ಎಸ್. ಶ್ರೀವತ್ಸ, ಶಾಸಕ
ಪ್ರಮಾಣ ಪತ್ರ ನೀಡಿ ಗೌರವಿಸಲಾಯಿತು. ವಿದ್ಯಾರ್ಥಿಗಳ ಸಾಧನೆಗೆ ಪೋಷಕರ ಪ್ರೋತ್ಸಾಹ ಹಾಗೂ ಶಿಕ್ಷಕರ ಮಾರ್ಗದರ್ಶನ ಮುಖ್ಯ. ಸಂಸ್ಥೆಯು ಪ್ರತಿ ವರ್ಷ ಈ ಕಾರ್ಯಕ್ರಮ ಆಯೋಜಿಸುತ್ತಿರುವುದು ಶ್ಲಾಘನೀಯ ಎಂದರು. ಕಾರ್ಯಕ್ರಮದಲ್ಲಿ ಸಂಸ್ಥೆಯ ಪದಾಧಿಕಾರಿಗಳು ಹಾಗೂ ಗಣ್ಯರು ಭಾಗವಹಿಸಿದ್ದರು.
